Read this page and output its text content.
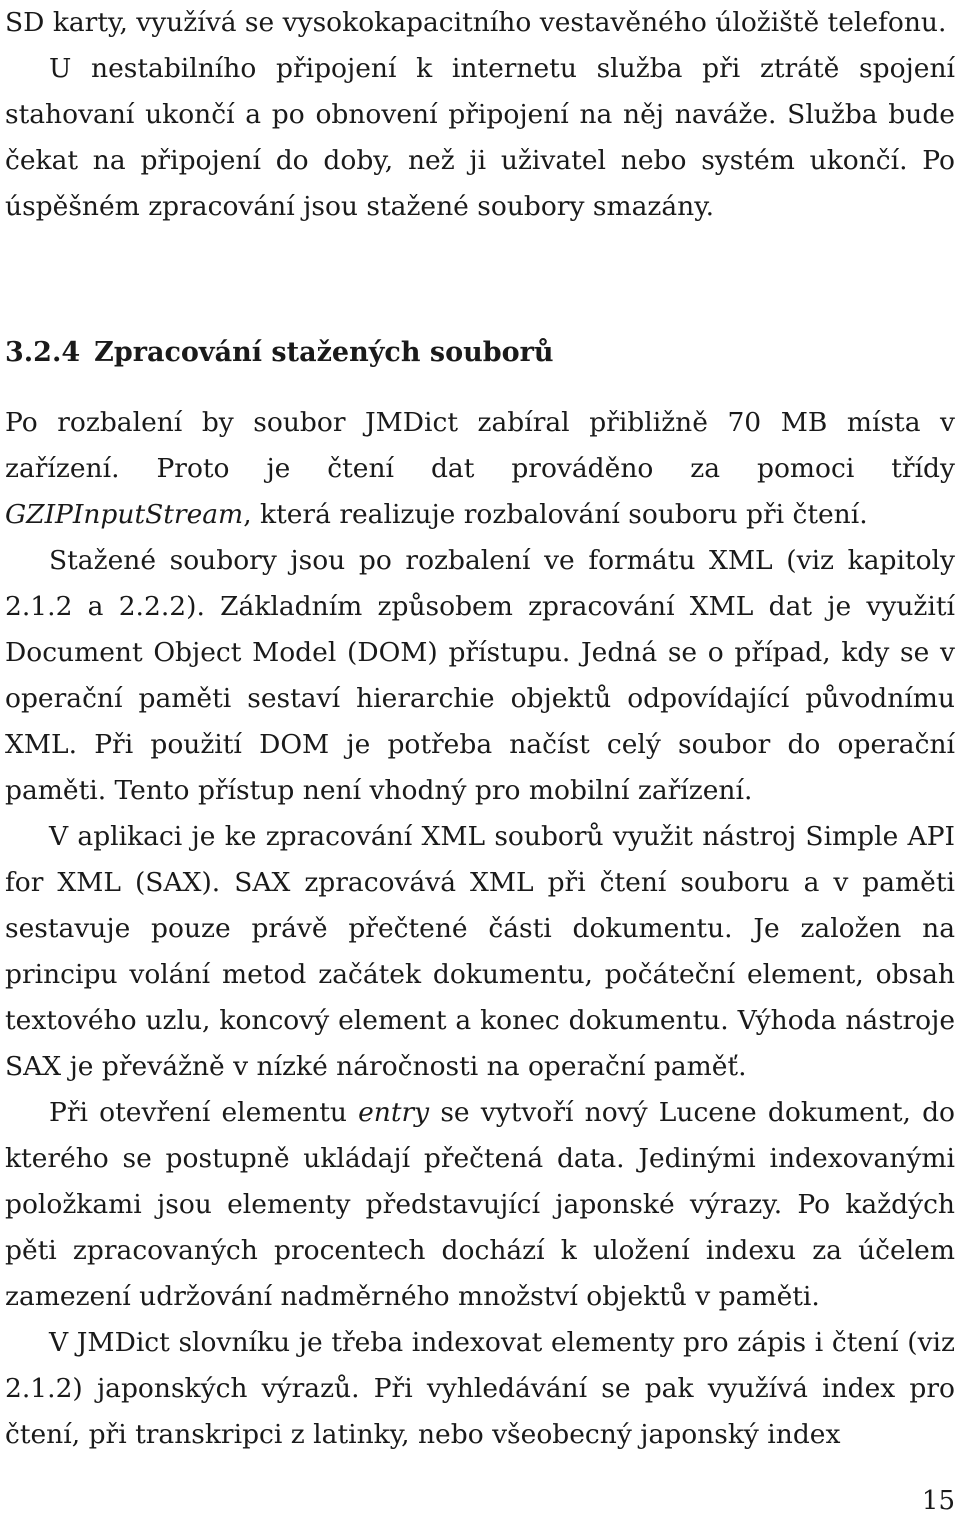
SD karty, využívá se vysokokapacitního vestavěného úložiště telefonu.

U nestabilního připojení k internetu služba při ztrátě spojení stahovaní ukončí a po obnovení připojení na něj naváže. Služba bude čekat na připojení do doby, než ji uživatel nebo systém ukončí. Po úspěšném zpracování jsou stažené soubory smazány.

3.2.4 Zpracování stažených souborů

Po rozbalení by soubor JMDict zabíral přibližně 70 MB místa v zařízení. Proto je čtení dat prováděno za pomoci třídy GZIPInputStream, která realizuje rozbalování souboru při čtení.

Stažené soubory jsou po rozbalení ve formátu XML (viz kapitoly 2.1.2 a 2.2.2). Základním způsobem zpracování XML dat je využití Document Object Model (DOM) přístupu. Jedná se o případ, kdy se v operační paměti sestaví hierarchie objektů odpovídající původnímu XML. Při použití DOM je potřeba načíst celý soubor do operační paměti. Tento přístup není vhodný pro mobilní zařízení.

V aplikaci je ke zpracování XML souborů využit nástroj Simple API for XML (SAX). SAX zpracovává XML při čtení souboru a v paměti sestavuje pouze právě přečtené části dokumentu. Je založen na principu volání metod začátek dokumentu, počáteční element, obsah textového uzlu, koncový element a konec dokumentu. Výhoda nástroje SAX je převážně v nízké náročnosti na operační paměť.

Při otevření elementu entry se vytvoří nový Lucene dokument, do kterého se postupně ukládají přečtená data. Jedinými indexovanými položkami jsou elementy představující japonské výrazy. Po každých pěti zpracovaných procentech dochází k uložení indexu za účelem zamezení udržování nadměrného množství objektů v paměti.

V JMDict slovníku je třeba indexovat elementy pro zápis i čtení (viz 2.1.2) japonských výrazů. Při vyhledávání se pak využívá index pro čtení, při transkripci z latinky, nebo všeobecný japonský index

15
